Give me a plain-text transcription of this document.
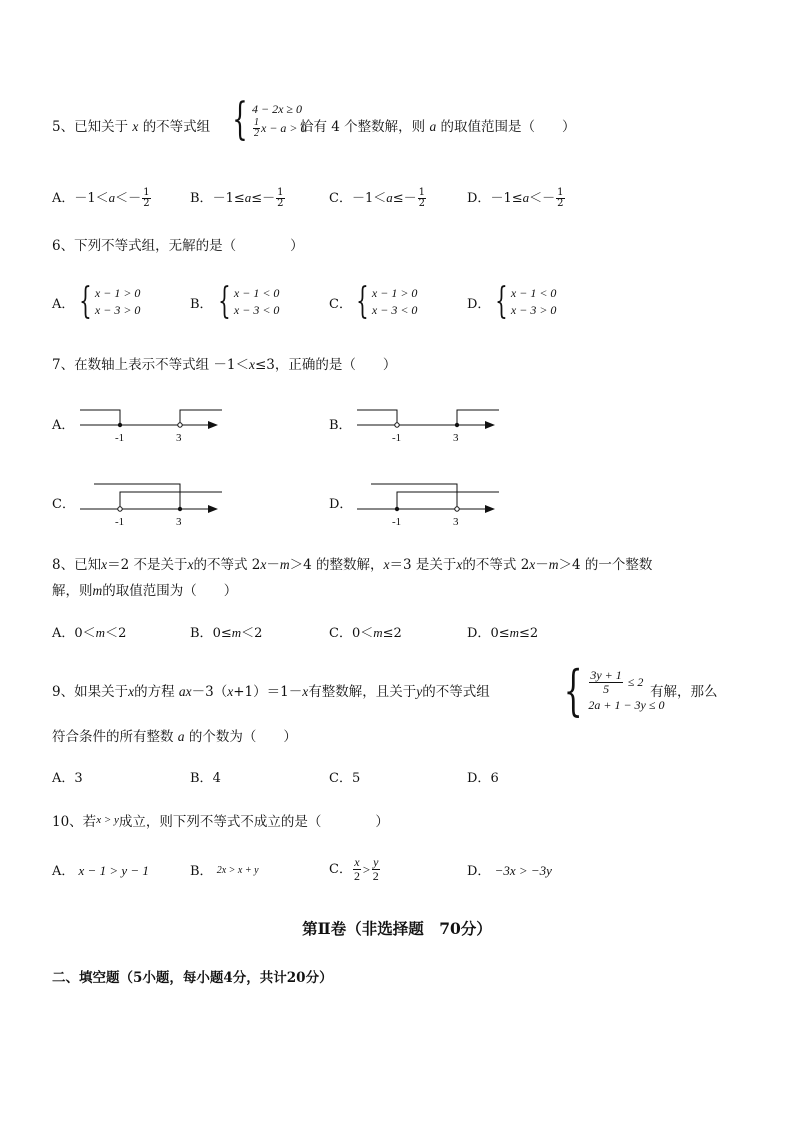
5、已知关于 x 的不等式组 { 4 − 2x ≥ 0
$\frac{1}{2}$ x − a > 0
恰有 4 个整数解，则 a 的取值范围是（　　）
A．$-1<a<- \frac{1}{2}$	B．$-1\le a\le- \frac{1}{2}$	C．$-1<a\le- \frac{1}{2}$	D．$-1\le a<- \frac{1}{2}$
6、下列不等式组，无解的是（　　　　）
A． { x − 1 > 0
x − 3 > 0	B． { x − 1 < 0
x − 3 < 0	C． { x − 1 > 0
x − 3 < 0	D． { x − 1 < 0
x − 3 > 0
7、在数轴上表示不等式组 －1＜x≤3，正确的是（　　）
A．
-1	3
B．
-1	3
C．
-1	3
D．
-1	3
8、已知x＝2 不是关于x的不等式 2x－m＞4 的整数解，x＝3 是关于x的不等式 2x－m＞4 的一个整数
解，则m的取值范围为（　　）
A．0＜m＜2	B．0≤m＜2	C．0＜m≤2	D．0≤m≤2
9、如果关于x的方程 ax－3（x+1）＝1－x有整数解，且关于y的不等式组 { $\frac{3y + 1}{5} \le 2$
2a + 1 − 3y ≤ 0
有解，那么
符合条件的所有整数 a 的个数为（　　）
A．3	B．4	C．5	D．6
10、若$^{x > y}$成立，则下列不等式不成立的是（　　　　）
A． x − 1 > y − 1	B． 2x > x + y	C． $\frac{x}{2} > \frac{y}{2}$	D． −3x > −3y
第Ⅱ卷（非选择题　70分）
二、填空题（5小题，每小题4分，共计20分）
